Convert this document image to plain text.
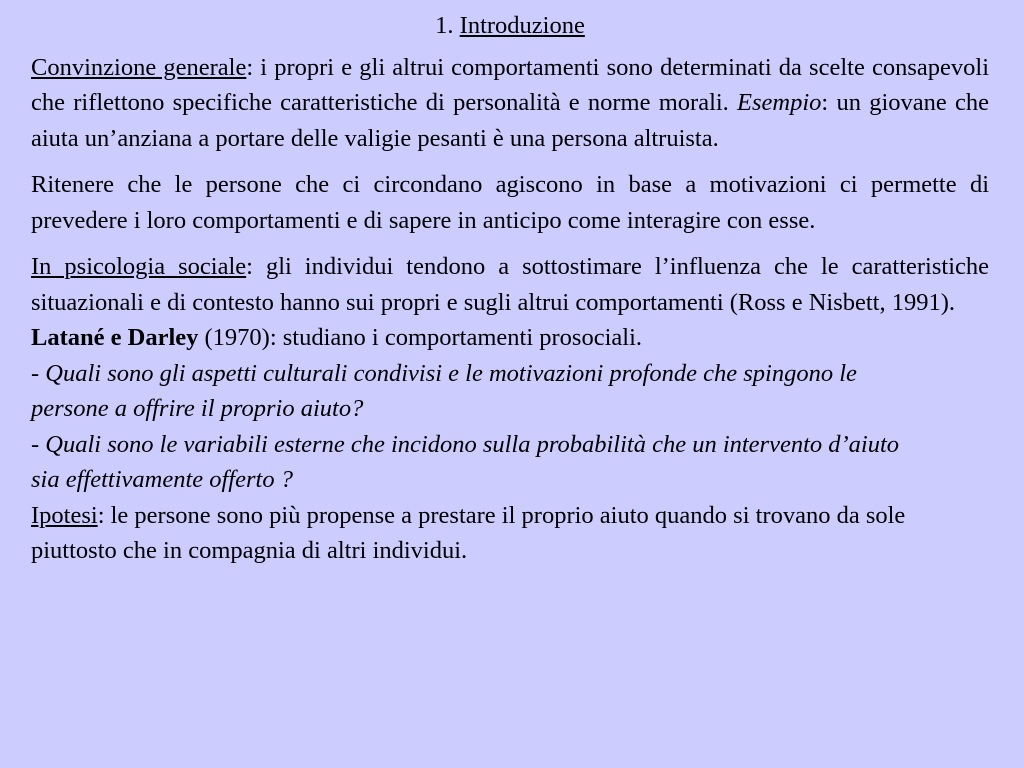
1. Introduzione
Convinzione generale: i propri e gli altrui comportamenti sono determinati da scelte consapevoli che riflettono specifiche caratteristiche di personalità e norme morali. Esempio: un giovane che aiuta un’anziana a portare delle valigie pesanti è una persona altruista.
Ritenere che le persone che ci circondano agiscono in base a motivazioni ci permette di prevedere i loro comportamenti e di sapere in anticipo come interagire con esse.
In psicologia sociale: gli individui tendono a sottostimare l’influenza che le caratteristiche situazionali e di contesto hanno sui propri e sugli altrui comportamenti (Ross e Nisbett, 1991).
Latané e Darley (1970): studiano i comportamenti prosociali.
- Quali sono gli aspetti culturali condivisi e le motivazioni profonde che spingono le persone a offrire il proprio aiuto?
- Quali sono le variabili esterne che incidono sulla probabilità che un intervento d’aiuto sia effettivamente offerto ?
Ipotesi: le persone sono più propense a prestare il proprio aiuto quando si trovano da sole piuttosto che in compagnia di altri individui.
